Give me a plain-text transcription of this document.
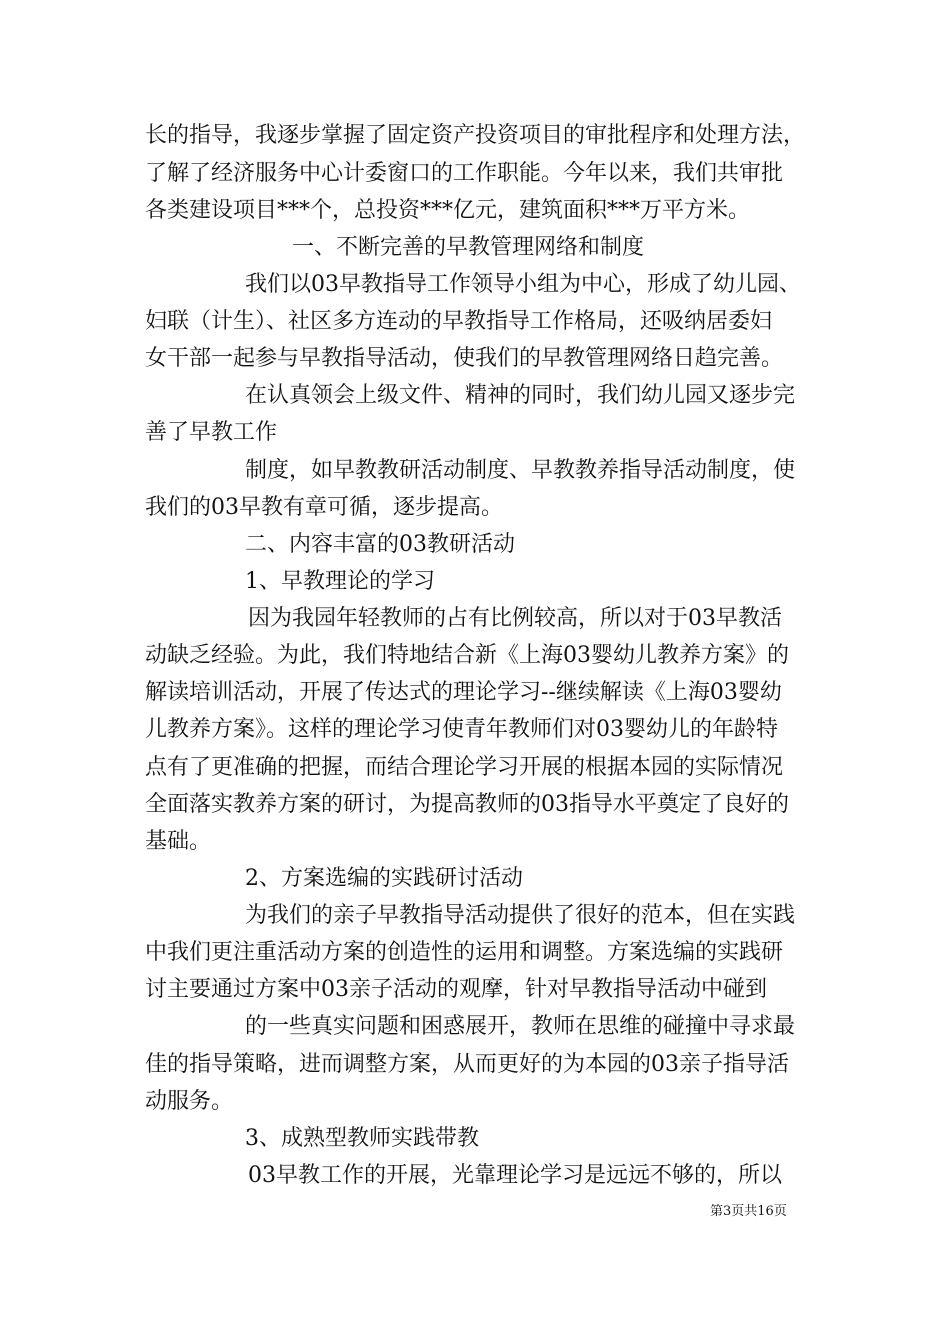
长的指导，我逐步掌握了固定资产投资项目的审批程序和处理方法，
了解了经济服务中心计委窗口的工作职能。今年以来，我们共审批
各类建设项目***个，总投资***亿元，建筑面积***万平方米。
一、不断完善的早教管理网络和制度
我们以03早教指导工作领导小组为中心，形成了幼儿园、
妇联（计生）、社区多方连动的早教指导工作格局，还吸纳居委妇
女干部一起参与早教指导活动，使我们的早教管理网络日趋完善。
在认真领会上级文件、精神的同时，我们幼儿园又逐步完
善了早教工作
制度，如早教教研活动制度、早教教养指导活动制度，使
我们的03早教有章可循，逐步提高。
二、内容丰富的03教研活动
1、早教理论的学习
因为我园年轻教师的占有比例较高，所以对于03早教活
动缺乏经验。为此，我们特地结合新《上海03婴幼儿教养方案》的
解读培训活动，开展了传达式的理论学习--继续解读《上海03婴幼
儿教养方案》。这样的理论学习使青年教师们对03婴幼儿的年龄特
点有了更准确的把握，而结合理论学习开展的根据本园的实际情况
全面落实教养方案的研讨，为提高教师的03指导水平奠定了良好的
基础。
2、方案选编的实践研讨活动
为我们的亲子早教指导活动提供了很好的范本，但在实践
中我们更注重活动方案的创造性的运用和调整。方案选编的实践研
讨主要通过方案中03亲子活动的观摩，针对早教指导活动中碰到
的一些真实问题和困惑展开，教师在思维的碰撞中寻求最
佳的指导策略，进而调整方案，从而更好的为本园的03亲子指导活
动服务。
3、成熟型教师实践带教
03早教工作的开展，光靠理论学习是远远不够的，所以
第3页共16页
